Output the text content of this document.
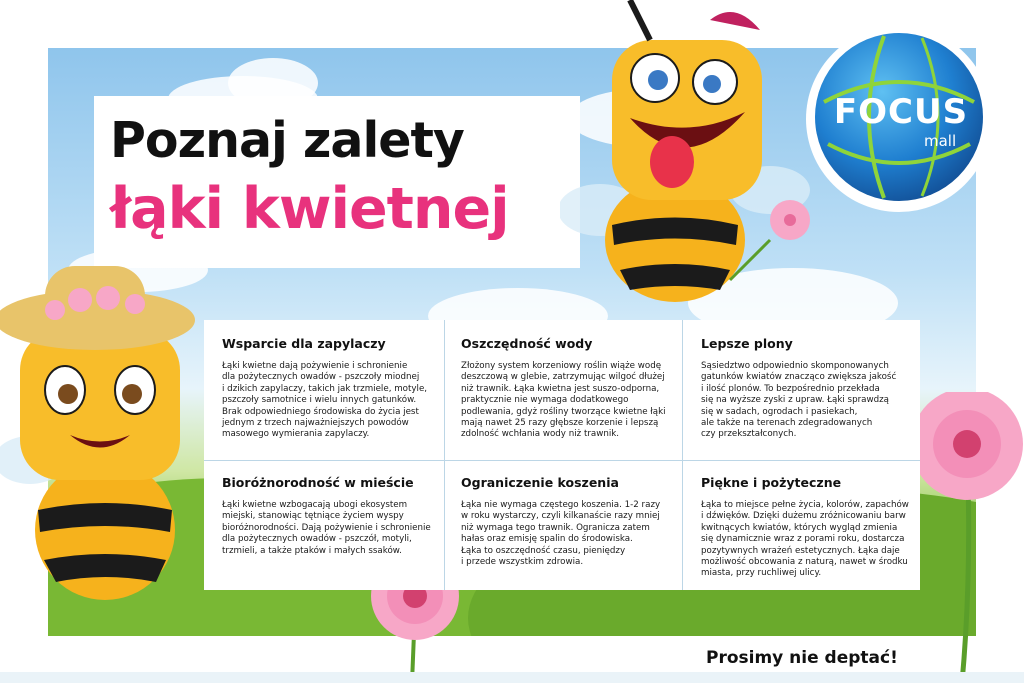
Poznaj zalety
łąki kwietnej
FOCUS
mall
Wsparcie dla zapylaczy

Łąki kwietne dają pożywienie i schronienie
dla pożytecznych owadów - pszczoły miodnej
i dzikich zapylaczy, takich jak trzmiele, motyle,
pszczoły samotnice i wielu innych gatunków.
Brak odpowiedniego środowiska do życia jest
jednym z trzech najważniejszych powodów
masowego wymierania zapylaczy.

Oszczędność wody

Złożony system korzeniowy roślin wiąże wodę
deszczową w glebie, zatrzymując wilgoć dłużej
niż trawnik. Łąka kwietna jest suszo-odporna,
praktycznie nie wymaga dodatkowego
podlewania, gdyż rośliny tworzące kwietne łąki
mają nawet 25 razy głębsze korzenie i lepszą
zdolność wchłania wody niż trawnik.

Lepsze plony

Sąsiedztwo odpowiednio skomponowanych
gatunków kwiatów znacząco zwiększa jakość
i ilość plonów. To bezpośrednio przekłada
się na wyższe zyski z upraw. Łąki sprawdzą
się w sadach, ogrodach i pasiekach,
ale także na terenach zdegradowanych
czy przekształconych.

Bioróżnorodność w mieście

Łąki kwietne wzbogacają ubogi ekosystem
miejski, stanowiąc tętniące życiem wyspy
bioróżnorodności. Dają pożywienie i schronienie
dla pożytecznych owadów - pszczół, motyli,
trzmieli, a także ptaków i małych ssaków.

Ograniczenie koszenia

Łąka nie wymaga częstego koszenia. 1-2 razy
w roku wystarczy, czyli kilkanaście razy mniej
niż wymaga tego trawnik. Ogranicza zatem
hałas oraz emisję spalin do środowiska.
Łąka to oszczędność czasu, pieniędzy
i przede wszystkim zdrowia.

Piękne i pożyteczne

Łąka to miejsce pełne życia, kolorów, zapachów
i dźwięków. Dzięki dużemu zróżnicowaniu barw
kwitnących kwiatów, których wygląd zmienia
się dynamicznie wraz z porami roku, dostarcza
pozytywnych wrażeń estetycznych. Łąka daje
możliwość obcowania z naturą, nawet w środku
miasta, przy ruchliwej ulicy.

Prosimy nie deptać!
